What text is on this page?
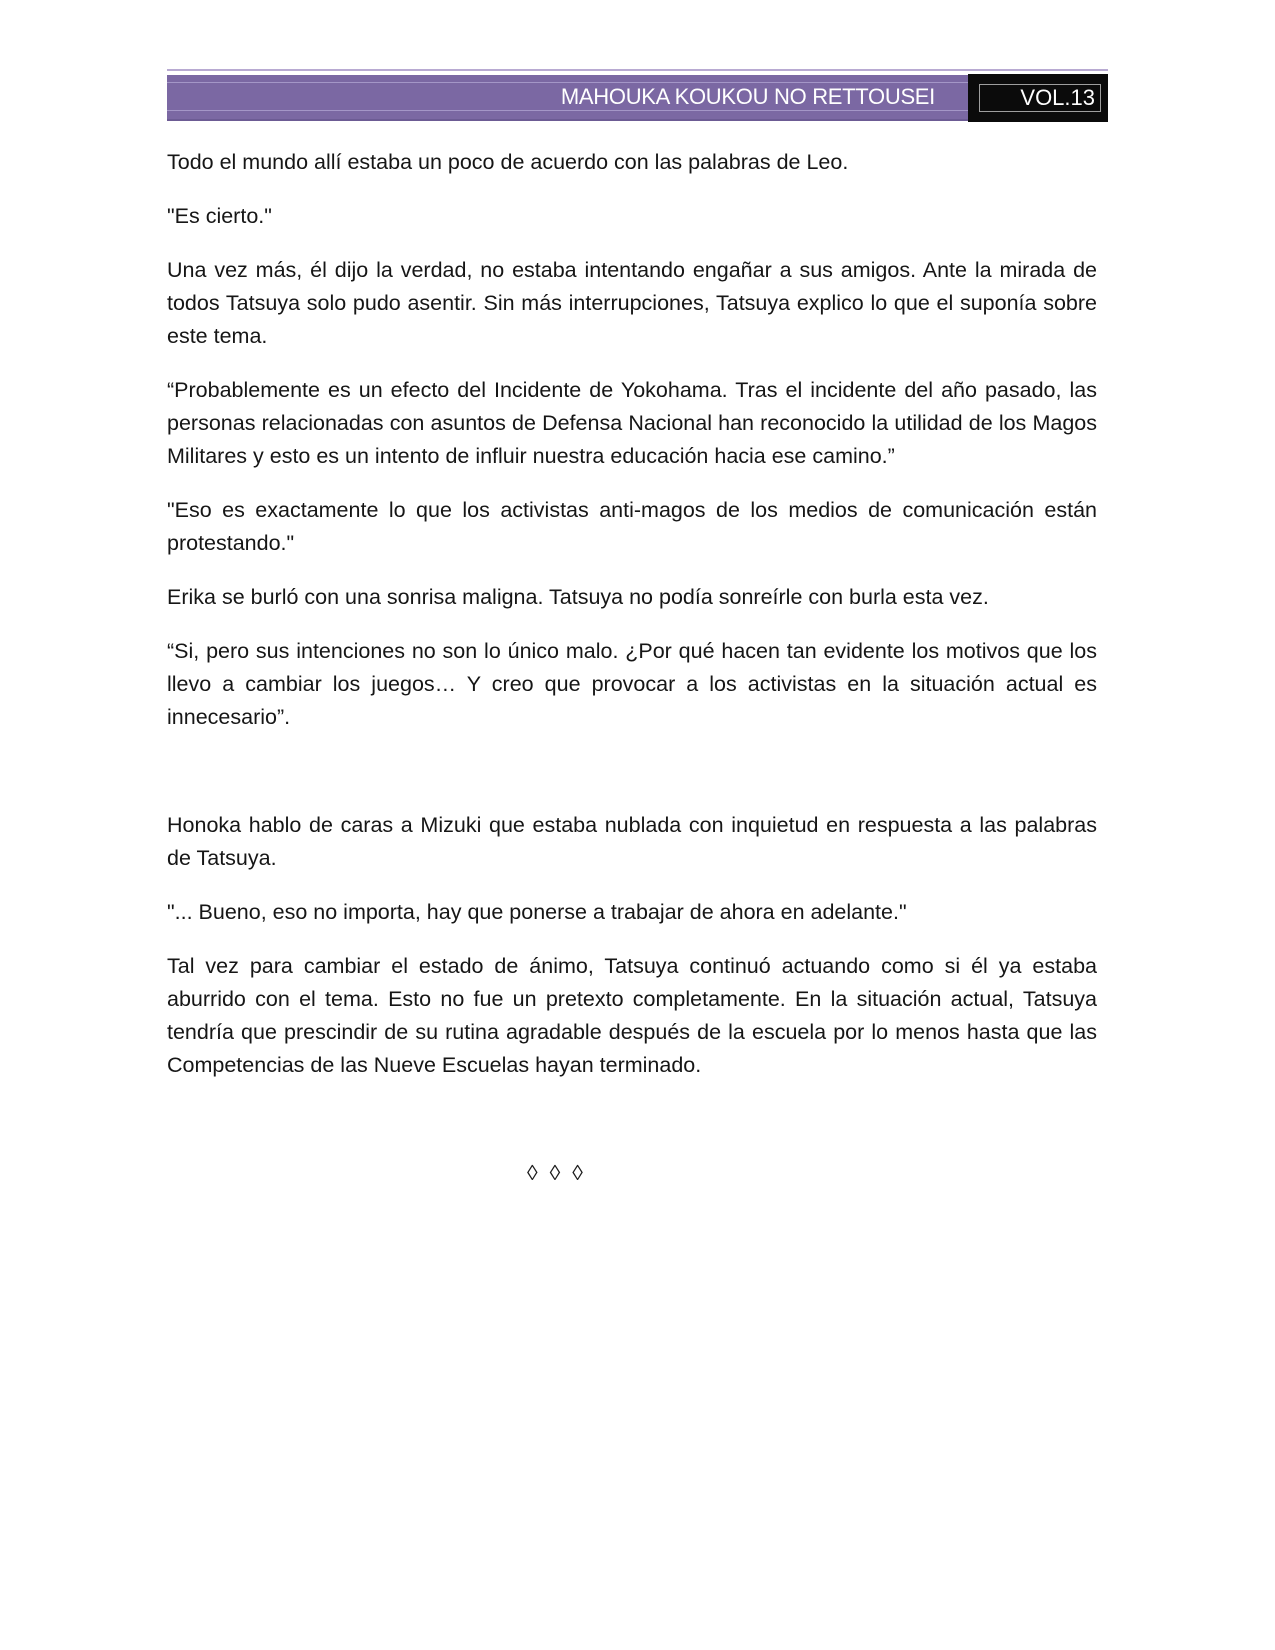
MAHOUKA KOUKOU NO RETTOUSEI	VOL.13

Todo el mundo allí estaba un poco de acuerdo con las palabras de Leo.

"Es cierto."

Una vez más, él dijo la verdad, no estaba intentando engañar a sus amigos. Ante la mirada de todos Tatsuya solo pudo asentir. Sin más interrupciones, Tatsuya explico lo que el suponía sobre este tema.

“Probablemente es un efecto del Incidente de Yokohama. Tras el incidente del año pasado, las personas relacionadas con asuntos de Defensa Nacional han reconocido la utilidad de los Magos Militares y esto es un intento de influir nuestra educación hacia ese camino.”

"Eso es exactamente lo que los activistas anti-magos de los medios de comunicación están protestando."

Erika se burló con una sonrisa maligna. Tatsuya no podía sonreírle con burla esta vez.

“Si, pero sus intenciones no son lo único malo. ¿Por qué hacen tan evidente los motivos que los llevo a cambiar los juegos… Y creo que provocar a los activistas en la situación actual es innecesario”.

Honoka hablo de caras a Mizuki que estaba nublada con inquietud en respuesta a las palabras de Tatsuya.

"... Bueno, eso no importa, hay que ponerse a trabajar de ahora en adelante."

Tal vez para cambiar el estado de ánimo, Tatsuya continuó actuando como si él ya estaba aburrido con el tema. Esto no fue un pretexto completamente. En la situación actual, Tatsuya tendría que prescindir de su rutina agradable después de la escuela por lo menos hasta que las Competencias de las Nueve Escuelas hayan terminado.

◊ ◊ ◊
